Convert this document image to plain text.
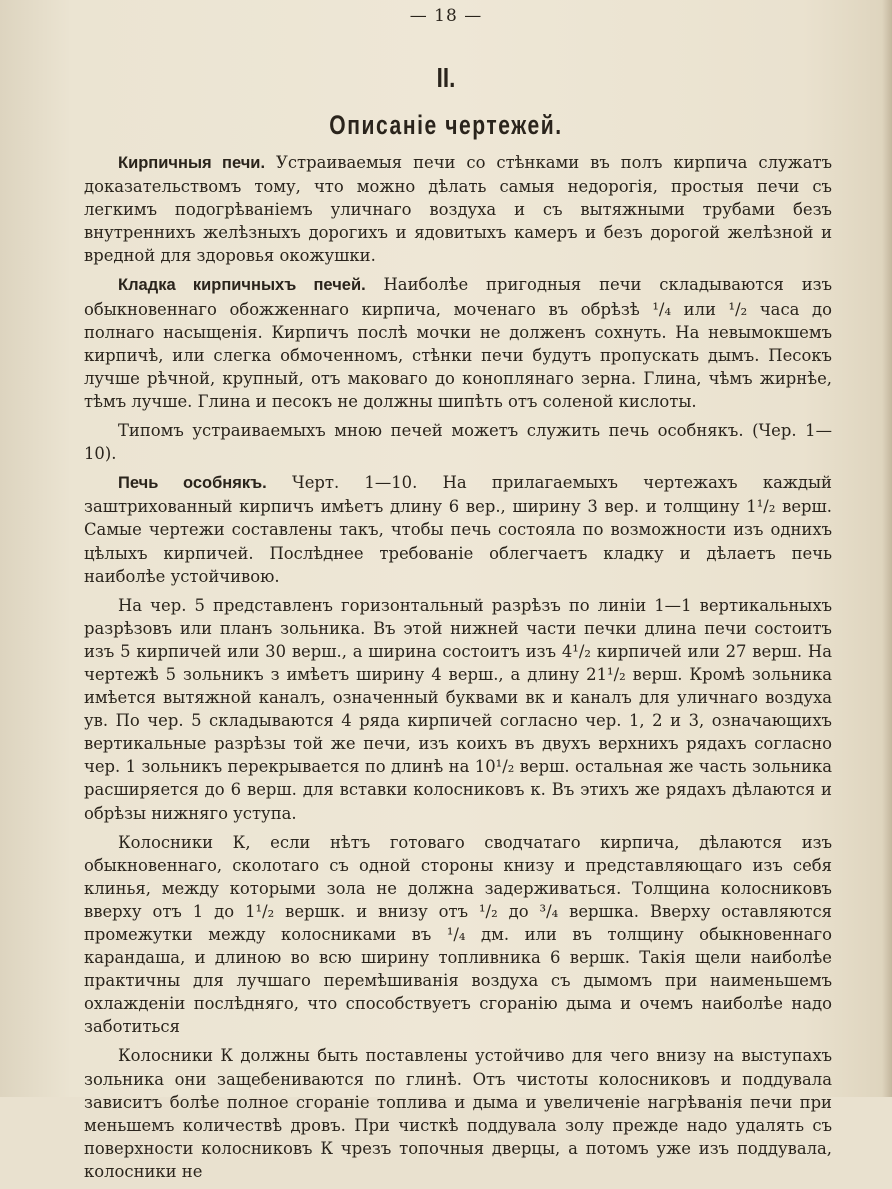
— 18 —
II.
Описаніе чертежей.

Кирпичныя печи. Устраиваемыя печи со стѣнками въ полъ кирпича служатъ доказательствомъ тому, что можно дѣлать самыя недорогія, простыя печи съ легкимъ подогрѣваніемъ уличнаго воздуха и съ вытяжными трубами безъ внутреннихъ желѣзныхъ дорогихъ и ядовитыхъ камеръ и безъ дорогой желѣзной и вредной для здоровья окожушки.

Кладка кирпичныхъ печей. Наиболѣе пригодныя печи складываются изъ обыкновеннаго обожженнаго кирпича, моченаго въ обрѣзѣ ¹/₄ или ¹/₂ часа до полнаго насыщенія. Кирпичъ послѣ мочки не долженъ сохнуть. На невымокшемъ кирпичѣ, или слегка обмоченномъ, стѣнки печи будутъ пропускать дымъ. Песокъ лучше рѣчной, крупный, отъ маковаго до коноплянаго зерна. Глина, чѣмъ жирнѣе, тѣмъ лучше. Глина и песокъ не должны шипѣть отъ соленой кислоты.

Типомъ устраиваемыхъ мною печей можетъ служить печь особнякъ. (Чер. 1—10).

Печь особнякъ. Черт. 1—10. На прилагаемыхъ чертежахъ каждый заштрихованный кирпичъ имѣетъ длину 6 вер., ширину 3 вер. и толщину 1¹/₂ верш. Самые чертежи составлены такъ, чтобы печь состояла по возможности изъ однихъ цѣлыхъ кирпичей. Послѣднее требованіе облегчаетъ кладку и дѣлаетъ печь наиболѣе устойчивою.

На чер. 5 представленъ горизонтальный разрѣзъ по линіи 1—1 вертикальныхъ разрѣзовъ или планъ зольника. Въ этой нижней части печки длина печи состоитъ изъ 5 кирпичей или 30 верш., а ширина состоитъ изъ 4¹/₂ кирпичей или 27 верш. На чертежѣ 5 зольникъ з имѣетъ ширину 4 верш., а длину 21¹/₂ верш. Кромѣ зольника имѣется вытяжной каналъ, означенный буквами вк и каналъ для уличнаго воздуха ув. По чер. 5 складываются 4 ряда кирпичей согласно чер. 1, 2 и 3, означающихъ вертикальные разрѣзы той же печи, изъ коихъ въ двухъ верхнихъ рядахъ согласно чер. 1 зольникъ перекрывается по длинѣ на 10¹/₂ верш. остальная же часть зольника расширяется до 6 верш. для вставки колосниковъ к. Въ этихъ же рядахъ дѣлаются и обрѣзы нижняго уступа.

Колосники К, если нѣтъ готоваго сводчатаго кирпича, дѣлаются изъ обыкновеннаго, сколотаго съ одной стороны книзу и представляющаго изъ себя клинья, между которыми зола не должна задерживаться. Толщина колосниковъ вверху отъ 1 до 1¹/₂ вершк. и внизу отъ ¹/₂ до ³/₄ вершка. Вверху оставляются промежутки между колосниками въ ¹/₄ дм. или въ толщину обыкновеннаго карандаша, и длиною во всю ширину топливника 6 вершк. Такія щели наиболѣе практичны для лучшаго перемѣшиванія воздуха съ дымомъ при наименьшемъ охлажденіи послѣдняго, что способствуетъ сгоранію дыма и очемъ наиболѣе надо заботиться

Колосники К должны быть поставлены устойчиво для чего внизу на выступахъ зольника они защебениваются по глинѣ. Отъ чистоты колосниковъ и поддувала зависитъ болѣе полное сгораніе топлива и дыма и увеличеніе нагрѣванія печи при меньшемъ количествѣ дровъ. При чисткѣ поддувала золу прежде надо удалять съ поверхности колосниковъ К чрезъ топочныя дверцы, а потомъ уже изъ поддувала, колосники не
